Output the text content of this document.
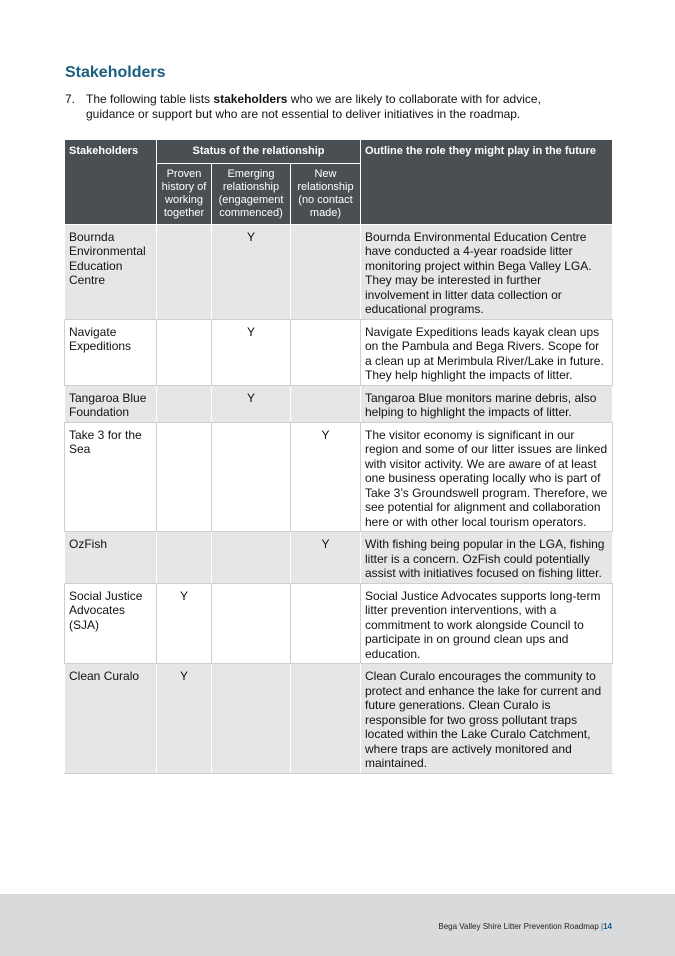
Stakeholders
7. The following table lists stakeholders who we are likely to collaborate with for advice, guidance or support but who are not essential to deliver initiatives in the roadmap.
Stakeholders	Status of the relationship			Outline the role they might play in the future
	Proven history of working together	Emerging relationship (engagement commenced)	New relationship (no contact made)	
Bournda Environmental Education Centre		Y		Bournda Environmental Education Centre have conducted a 4-year roadside litter monitoring project within Bega Valley LGA. They may be interested in further involvement in litter data collection or educational programs.
Navigate Expeditions		Y		Navigate Expeditions leads kayak clean ups on the Pambula and Bega Rivers. Scope for a clean up at Merimbula River/Lake in future. They help highlight the impacts of litter.
Tangaroa Blue Foundation		Y		Tangaroa Blue monitors marine debris, also helping to highlight the impacts of litter.
Take 3 for the Sea			Y	The visitor economy is significant in our region and some of our litter issues are linked with visitor activity. We are aware of at least one business operating locally who is part of Take 3’s Groundswell program. Therefore, we see potential for alignment and collaboration here or with other local tourism operators.
OzFish			Y	With fishing being popular in the LGA, fishing litter is a concern. OzFish could potentially assist with initiatives focused on fishing litter.
Social Justice Advocates (SJA)	Y			Social Justice Advocates supports long-term litter prevention interventions, with a commitment to work alongside Council to participate in on ground clean ups and education.
Clean Curalo	Y			Clean Curalo encourages the community to protect and enhance the lake for current and future generations. Clean Curalo is responsible for two gross pollutant traps located within the Lake Curalo Catchment, where traps are actively monitored and maintained.
Bega Valley Shire Litter Prevention Roadmap |14
